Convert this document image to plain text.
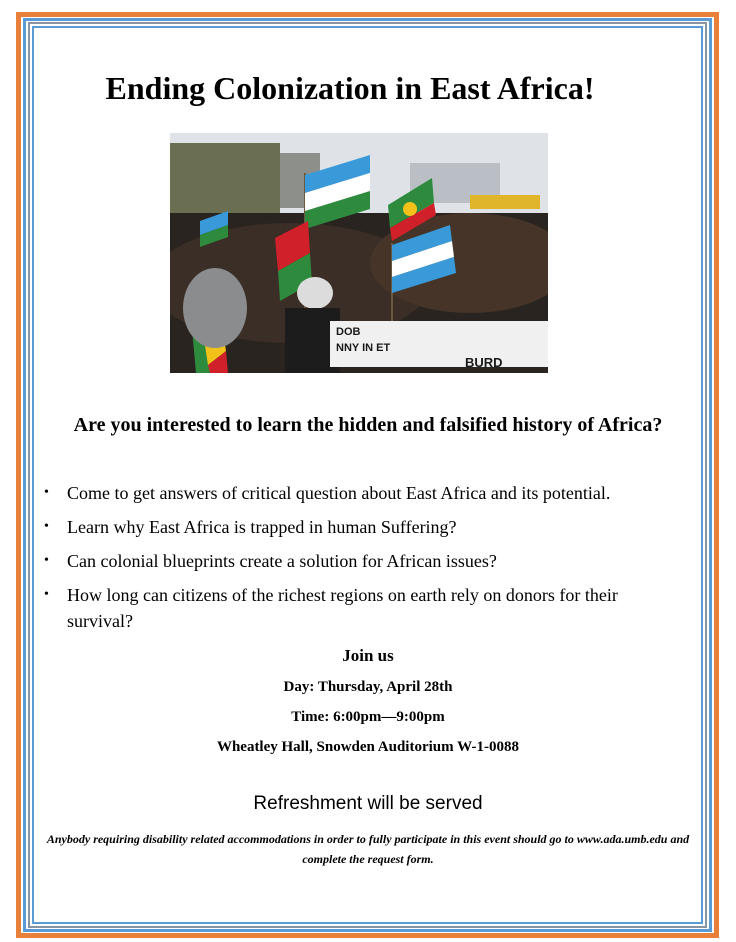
Ending Colonization in East Africa!
DOB
NNY IN ET
BURD

Are you interested to learn the hidden and falsified history of Africa?

• Come to get answers of critical question about East Africa and its potential.
• Learn why East Africa is trapped in human Suffering?
• Can colonial blueprints create a solution for African issues?
• How long can citizens of the richest regions on earth rely on donors for their survival?

Join us

Day: Thursday, April 28th

Time: 6:00pm—9:00pm

Wheatley Hall, Snowden Auditorium W-1-0088

Refreshment will be served

Anybody requiring disability related accommodations in order to fully participate in this event should go to www.ada.umb.edu and complete the request form.
